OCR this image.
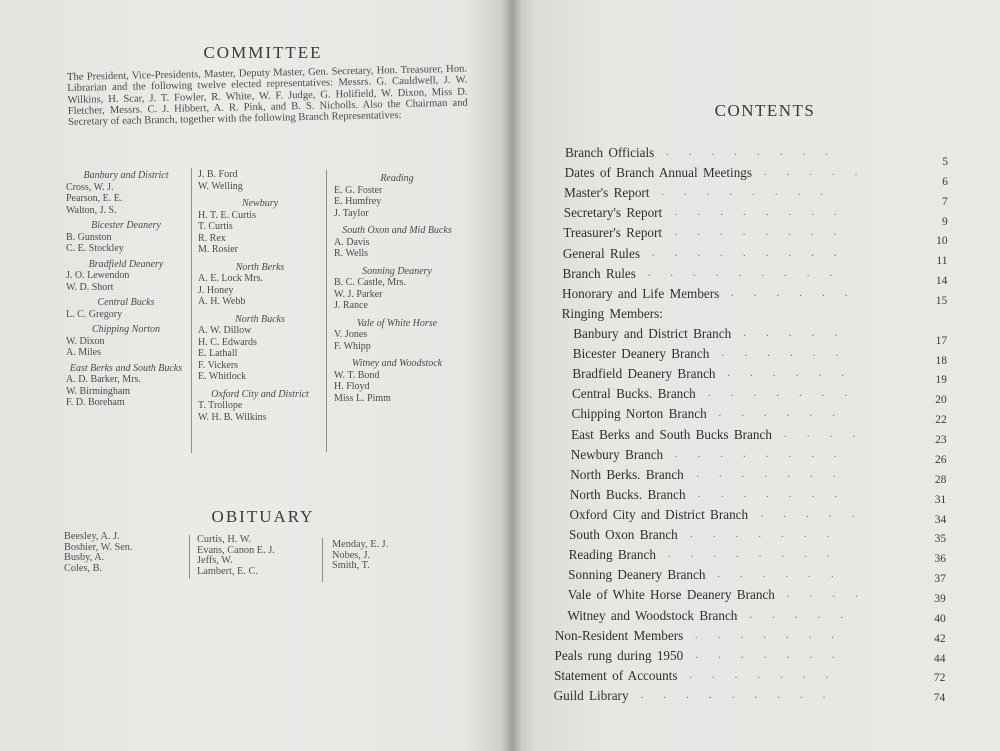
COMMITTEE
The President, Vice-Presidents, Master, Deputy Master, Gen. Secretary, Hon. Treasurer, Hon. Librarian and the following twelve elected representatives: Messrs. G. Cauldwell, J. W. Wilkins, H. Scar, J. T. Fowler, R. White, W. F. Judge, G. Holifield, W. Dixon, Miss D. Fletcher, Messrs. C. J. Hibbert, A. R. Pink, and B. S. Nicholls. Also the Chairman and Secretary of each Branch, together with the following Branch Representatives:
Banbury and District
Cross, W. J.
Pearson, E. E.
Walton, J. S.
Bicester Deanery
B. Gunston
C. E. Stockley
Bradfield Deanery
J. O. Lewendon
W. D. Short
Central Bucks
L. C. Gregory
Chipping Norton
W. Dixon
A. Miles
East Berks and South Bucks
A. D. Barker, Mrs.
W. Birmingham
F. D. Boreham
J. B. Ford
W. Welling
Newbury
H. T. E. Curtis
T. Curtis
R. Rex
M. Rosier
North Berks
A. E. Lock Mrs.
J. Honey
A. H. Webb
North Bucks
A. W. Dillow
H. C. Edwards
E. Lathall
F. Vickers
E. Whitlock
Oxford City and District
T. Trollope
W. H. B. Wilkins
Reading
E. G. Foster
E. Humfrey
J. Taylor
South Oxon and Mid Bucks
A. Davis
R. Wells
Sonning Deanery
B. C. Castle, Mrs.
W. J. Parker
J. Rance
Vale of White Horse
V. Jones
F. Whipp
Witney and Woodstock
W. T. Bond
H. Floyd
Miss L. Pimm
OBITUARY
Beesley, A. J.
Boshier, W. Sen.
Busby, A.
Coles, B.
Curtis, H. W.
Evans, Canon E. J.
Jeffs, W.
Lambert, E. C.
Menday, E. J.
Nobes, J.
Smith, T.
CONTENTS
Branch Officials ........
5
Dates of Branch Annual Meetings .....
6
Master's Report ........
7
Secretary's Report ........
9
Treasurer's Report ........
10
General Rules .........
11
Branch Rules .........
14
Honorary and Life Members ......
15
Ringing Members:
Banbury and District Branch .....
17
Bicester Deanery Branch ......
18
Bradfield Deanery Branch ......
19
Central Bucks. Branch .......
20
Chipping Norton Branch ......
22
East Berks and South Bucks Branch ....
23
Newbury Branch ........
26
North Berks. Branch .......	28
North Bucks. Branch .......	31
Oxford City and District Branch .....	34
South Oxon Branch .......	35
Reading Branch ........	36
Sonning Deanery Branch ......	37
Vale of White Horse Deanery Branch ....	39
Witney and Woodstock Branch .....	40
Non-Resident Members .......	42
Peals rung during 1950 .......	44
Statement of Accounts .......	72
Guild Library .........	74
